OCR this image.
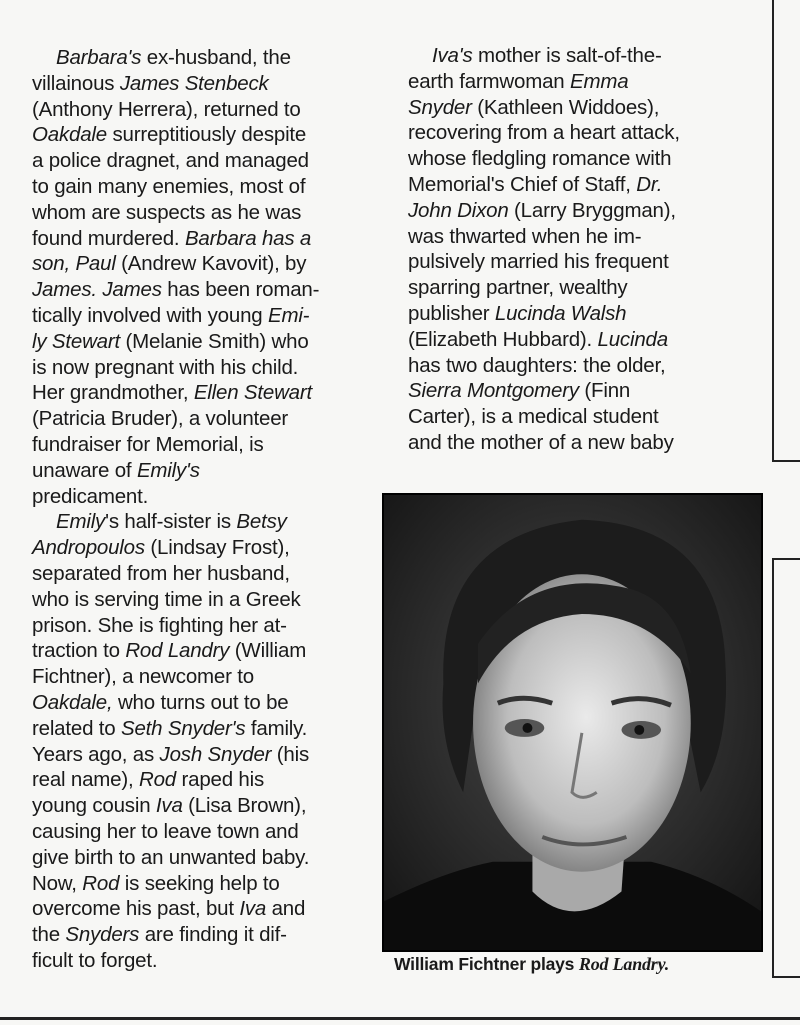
Barbara's ex-husband, the
villainous James Stenbeck
(Anthony Herrera), returned to
Oakdale surreptitiously despite
a police dragnet, and managed
to gain many enemies, most of
whom are suspects as he was
found murdered. Barbara has a
son, Paul (Andrew Kavovit), by
James. James has been roman-
tically involved with young Emi-
ly Stewart (Melanie Smith) who
is now pregnant with his child.
Her grandmother, Ellen Stewart
(Patricia Bruder), a volunteer
fundraiser for Memorial, is
unaware of Emily's
predicament.
Emily's half-sister is Betsy
Andropoulos (Lindsay Frost),
separated from her husband,
who is serving time in a Greek
prison. She is fighting her at-
traction to Rod Landry (William
Fichtner), a newcomer to
Oakdale, who turns out to be
related to Seth Snyder's family.
Years ago, as Josh Snyder (his
real name), Rod raped his
young cousin Iva (Lisa Brown),
causing her to leave town and
give birth to an unwanted baby.
Now, Rod is seeking help to
overcome his past, but Iva and
the Snyders are finding it dif-
ficult to forget.
Iva's mother is salt-of-the-
earth farmwoman Emma
Snyder (Kathleen Widdoes),
recovering from a heart attack,
whose fledgling romance with
Memorial's Chief of Staff, Dr.
John Dixon (Larry Bryggman),
was thwarted when he im-
pulsively married his frequent
sparring partner, wealthy
publisher Lucinda Walsh
(Elizabeth Hubbard). Lucinda
has two daughters: the older,
Sierra Montgomery (Finn
Carter), is a medical student
and the mother of a new baby
William Fichtner plays Rod Landry.
